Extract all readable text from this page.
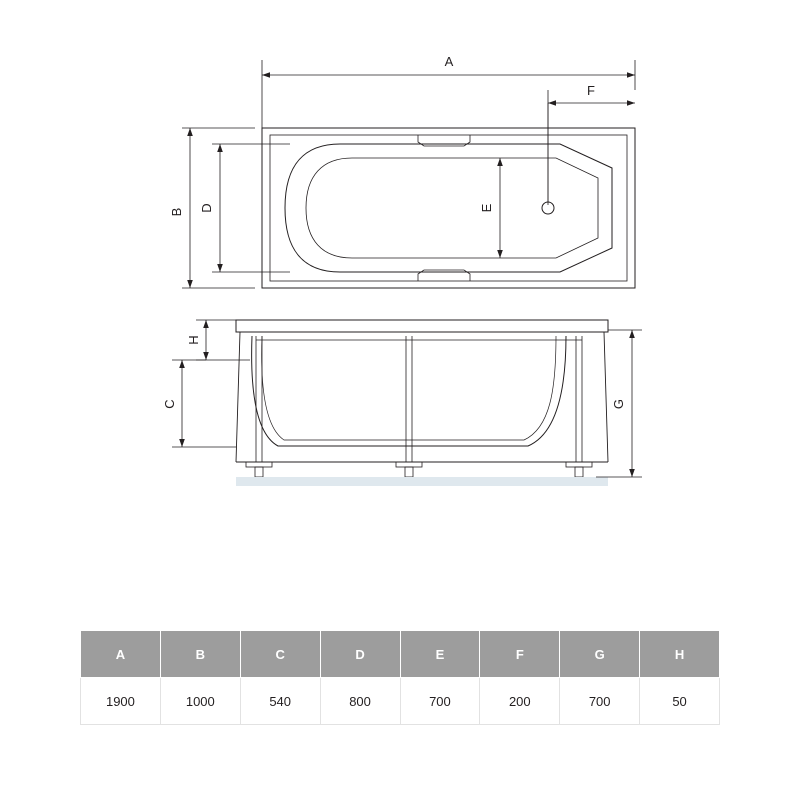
A
F
B D	E
H
C	G
A	B	C	D	E	F	G	H
1900	1000	540	800	700	200	700	50
